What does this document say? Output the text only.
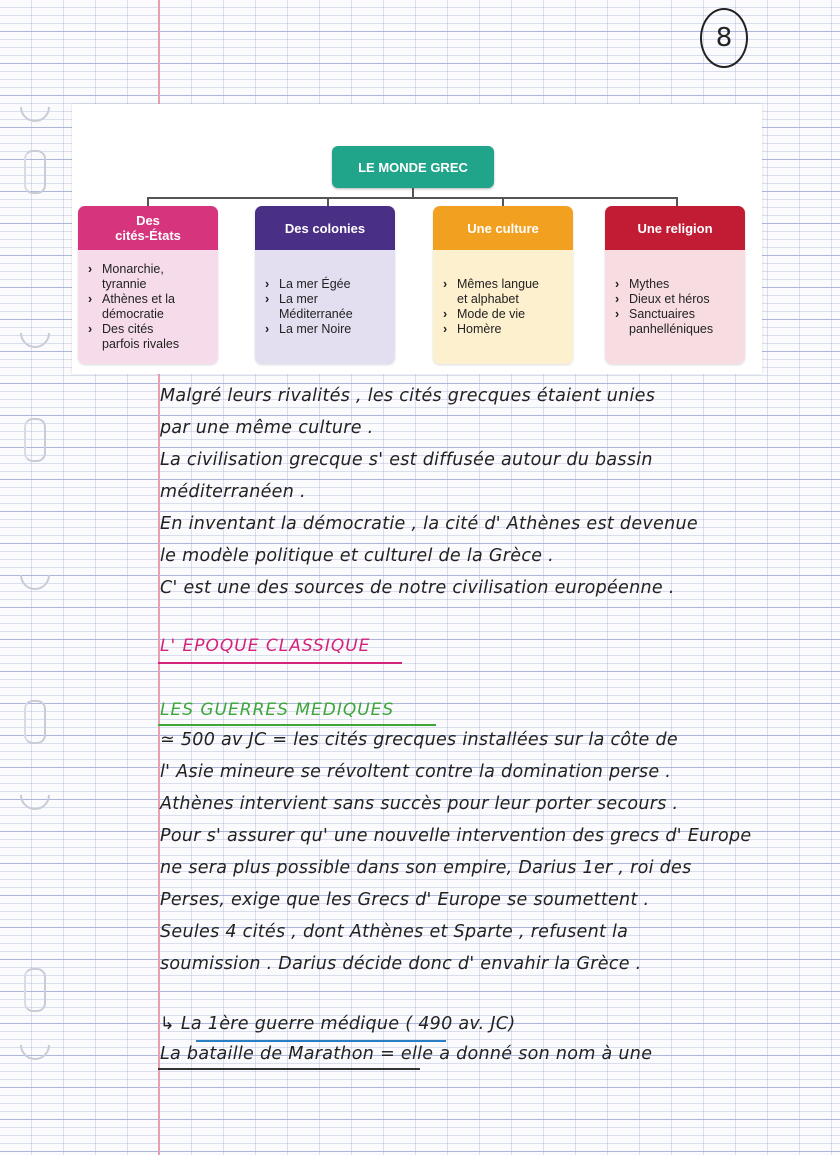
8
LE MONDE GREC
Des
cités-États
› Monarchie,
tyrannie
› Athènes et la
démocratie
› Des cités
parfois rivales
Des colonies
› La mer Égée
› La mer
Méditerranée
› La mer Noire
Une culture
› Mêmes langue
et alphabet
› Mode de vie
› Homère
Une religion
› Mythes
› Dieux et héros
› Sanctuaires
panhelléniques

Malgré leurs rivalités , les cités grecques étaient unies

par une même culture .

La civilisation grecque s' est diffusée autour du bassin

méditerranéen .

En inventant la démocratie , la cité d' Athènes est devenue

le modèle politique et culturel de la Grèce .

C' est une des sources de notre civilisation européenne .

L' EPOQUE CLASSIQUE

LES GUERRES MEDIQUES

≃ 500 av JC = les cités grecques installées sur la côte de

l' Asie mineure se révoltent contre la domination perse .

Athènes intervient sans succès pour leur porter secours .

Pour s' assurer qu' une nouvelle intervention des grecs d' Europe

ne sera plus possible dans son empire, Darius 1er , roi des

Perses, exige que les Grecs d' Europe se soumettent .

Seules 4 cités , dont Athènes et Sparte , refusent la

soumission . Darius décide donc d' envahir la Grèce .

↳ La 1ère guerre médique ( 490 av. JC)

La bataille de Marathon = elle a donné son nom à une
